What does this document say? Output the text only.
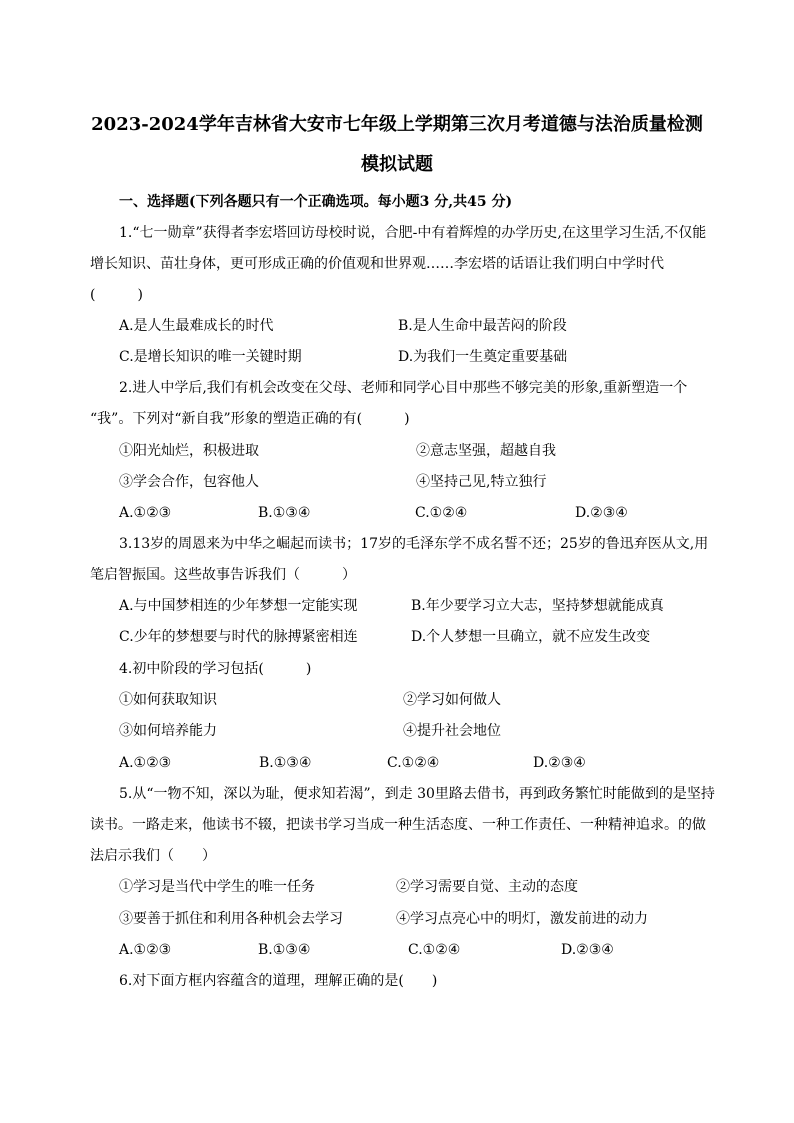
2023-2024学年吉林省大安市七年级上学期第三次月考道德与法治质量检测
模拟试题
一、选择题(下列各题只有一个正确选项。每小题3 分,共45 分)
1.“七一勋章”获得者李宏塔回访母校时说，合肥-中有着辉煌的办学历史,在这里学习生活,不仅能
增长知识、苗壮身体，更可形成正确的价值观和世界观……李宏塔的话语让我们明白中学时代
(　　　)
A.是人生最难成长的时代	B.是人生命中最苦闷的阶段
C.是增长知识的唯一关键时期	D.为我们一生奠定重要基础
2.进人中学后,我们有机会改变在父母、老师和同学心目中那些不够完美的形象,重新塑造一个
“我”。下列对“新自我”形象的塑造正确的有(　　　)
①阳光灿烂，积极进取	②意志坚强，超越自我
③学会合作，包容他人	④坚持己见,特立独行
A.①②③	B.①③④	C.①②④	D.②③④
3.13岁的周恩来为中华之崛起而读书；17岁的毛泽东学不成名誓不还；25岁的鲁迅弃医从文,用
笔启智振国。这些故事告诉我们（　　　）
A.与中国梦相连的少年梦想一定能实现	B.年少要学习立大志，坚持梦想就能成真
C.少年的梦想要与时代的脉搏紧密相连	D.个人梦想一旦确立，就不应发生改变
4.初中阶段的学习包括(　　　)
①如何获取知识	②学习如何做人
③如何培养能力	④提升社会地位
A.①②③	B.①③④	C.①②④	D.②③④
5.从“一物不知，深以为耻，便求知若渴”，到走 30里路去借书，再到政务繁忙时能做到的是坚持
读书。一路走来，他读书不辍，把读书学习当成一种生活态度、一种工作责任、一种精神追求。的做
法启示我们（　　）
①学习是当代中学生的唯一任务	②学习需要自觉、主动的态度
③要善于抓住和利用各种机会去学习	④学习点亮心中的明灯，激发前进的动力
A.①②③	B.①③④	C.①②④	D.②③④
6.对下面方框内容蕴含的道理，理解正确的是(　　)
